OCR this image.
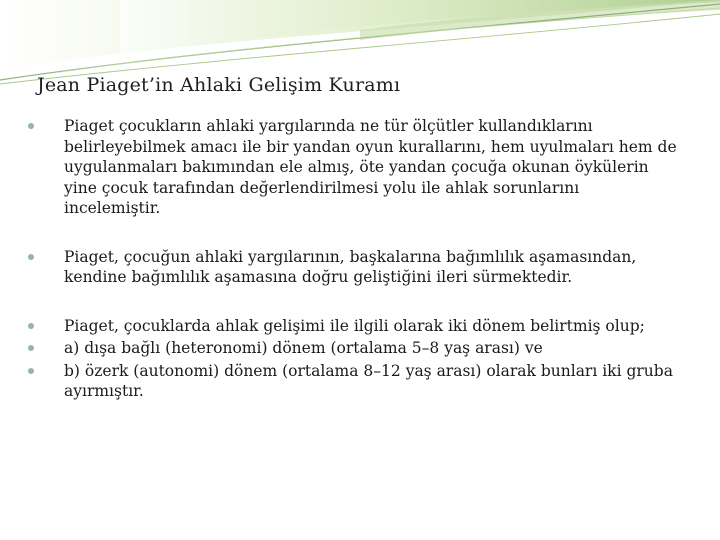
Jean Piaget’in Ahlaki Gelişim Kuramı
Piaget çocukların ahlaki yargılarında ne tür ölçütler kullandıklarını belirleyebilmek amacı ile bir yandan oyun kurallarını, hem uyulmaları hem de uygulanmaları bakımından ele almış, öte yandan çocuğa okunan öykülerin yine çocuk tarafından değerlendirilmesi yolu ile ahlak sorunlarını incelemiştir.
Piaget, çocuğun ahlaki yargılarının, başkalarına bağımlılık aşamasından, kendine bağımlılık aşamasına doğru geliştiğini ileri sürmektedir.
Piaget, çocuklarda ahlak gelişimi ile ilgili olarak iki dönem belirtmiş olup;
a) dışa bağlı (heteronomi) dönem (ortalama 5–8 yaş arası) ve
b) özerk (autonomi) dönem (ortalama 8–12 yaş arası) olarak bunları iki gruba ayırmıştır.
